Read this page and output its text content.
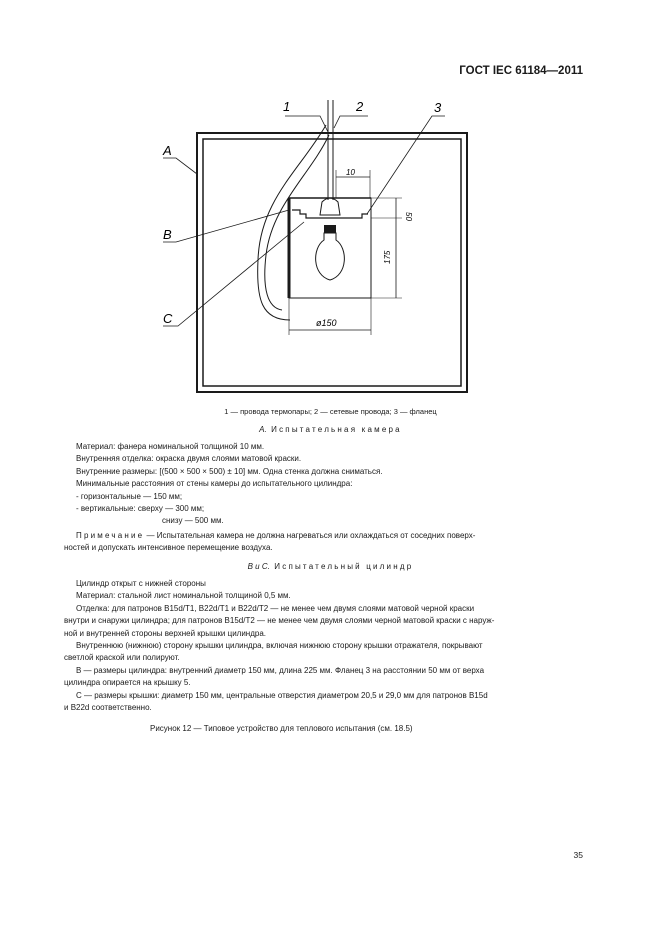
ГОСТ IEC 61184—2011
10
50
175
ø150
1	2	3
A
B
C
1 — провода термопары; 2 — сетевые провода; 3 — фланец
А. Испытательная камера

Материал: фанера номинальной толщиной 10 мм.

Внутренняя отделка: окраска двумя слоями матовой краски.

Внутренние размеры: [(500 × 500 × 500) ± 10] мм. Одна стенка должна сниматься.

Минимальные расстояния от стены камеры до испытательного цилиндра:

- горизонтальные — 150 мм;

- вертикальные: сверху — 300 мм;

снизу — 500 мм.

Примечание — Испытательная камера не должна нагреваться или охлаждаться от соседних поверх-

ностей и допускать интенсивное перемещение воздуха.

В и С. Испытательный цилиндр

Цилиндр открыт с нижней стороны

Материал: стальной лист номинальной толщиной 0,5 мм.

Отделка: для патронов B15d/T1, B22d/T1 и B22d/T2 — не менее чем двумя слоями матовой черной краски

внутри и снаружи цилиндра; для патронов B15d/T2 — не менее чем двумя слоями черной матовой краски с наруж-

ной и внутренней стороны верхней крышки цилиндра.

Внутреннюю (нижнюю) сторону крышки цилиндра, включая нижнюю сторону крышки отражателя, покрывают

светлой краской или полируют.

В — размеры цилиндра: внутренний диаметр 150 мм, длина 225 мм. Фланец 3 на расстоянии 50 мм от верха

цилиндра опирается на крышку 5.

С — размеры крышки: диаметр 150 мм, центральные отверстия диаметром 20,5 и 29,0 мм для патронов B15d

и B22d соответственно.

Рисунок 12 — Типовое устройство для теплового испытания (см. 18.5)
35
